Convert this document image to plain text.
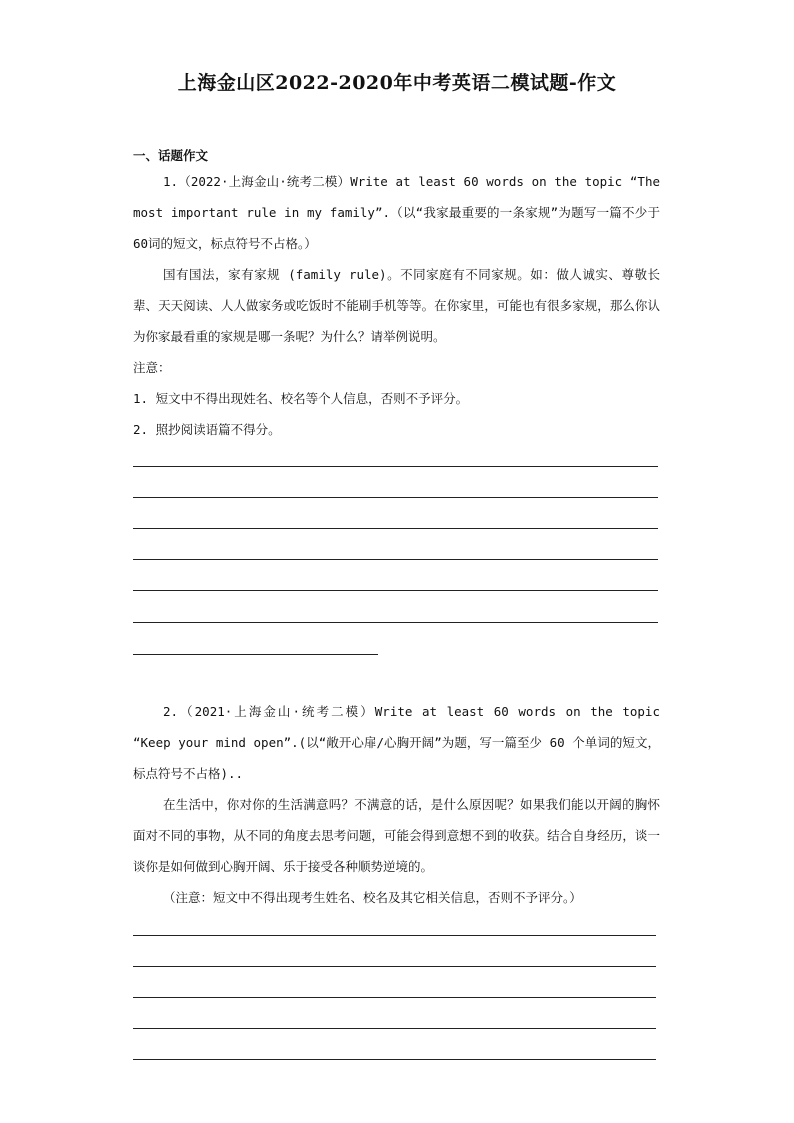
上海金山区2022-2020年中考英语二模试题-作文
一、话题作文
1.（2022·上海金山·统考二模）Write at least 60 words on the topic “The most important rule in my family”.（以“我家最重要的一条家规”为题写一篇不少于60词的短文，标点符号不占格。）
国有国法，家有家规 (family rule)。不同家庭有不同家规。如：做人诚实、尊敬长辈、天天阅读、人人做家务或吃饭时不能刷手机等等。在你家里，可能也有很多家规，那么你认为你家最看重的家规是哪一条呢？为什么？请举例说明。
注意：
1. 短文中不得出现姓名、校名等个人信息，否则不予评分。
2. 照抄阅读语篇不得分。
2.（2021·上海金山·统考二模）Write at least 60 words on the topic “Keep your mind open”.(以“敞开心扉/心胸开阔”为题，写一篇至少 60 个单词的短文，标点符号不占格)..
在生活中，你对你的生活满意吗？不满意的话，是什么原因呢？如果我们能以开阔的胸怀面对不同的事物，从不同的角度去思考问题，可能会得到意想不到的收获。结合自身经历，谈一谈你是如何做到心胸开阔、乐于接受各种顺势逆境的。
（注意：短文中不得出现考生姓名、校名及其它相关信息，否则不予评分。）
